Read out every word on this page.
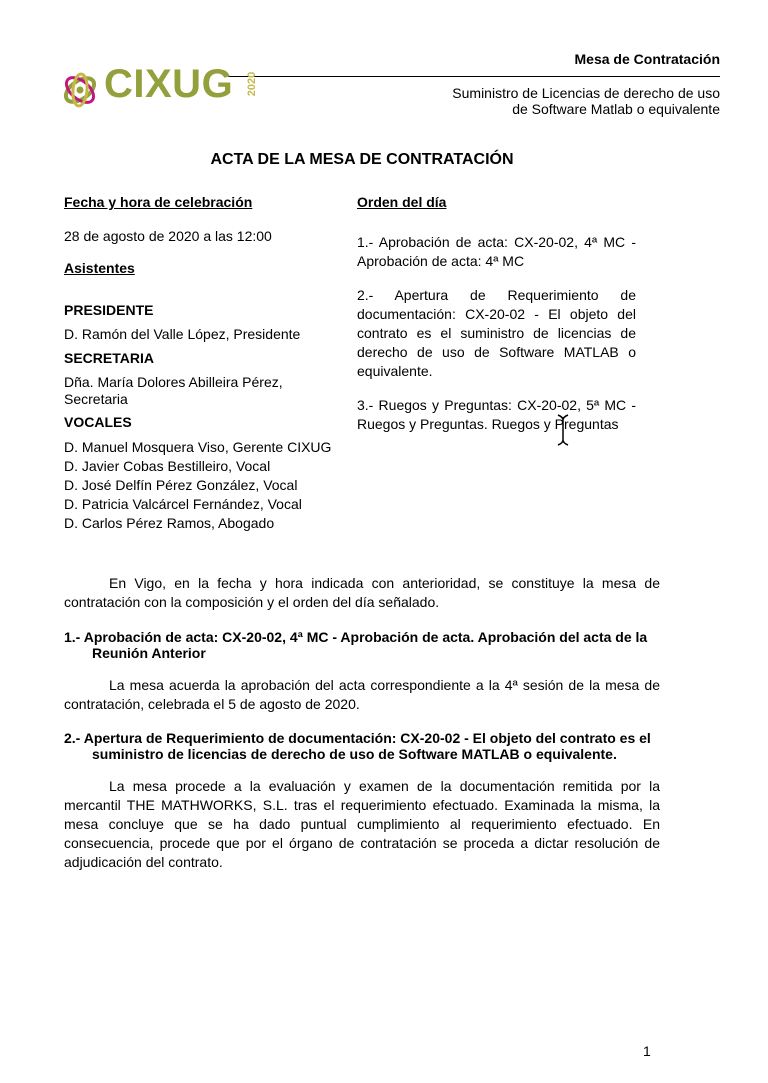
Mesa de Contratación
Suministro de Licencias de derecho de uso
de Software Matlab o equivalente
CIXUG 2020
ACTA DE LA MESA DE CONTRATACIÓN
Fecha y hora de celebración
28 de agosto de 2020 a las 12:00
Asistentes
PRESIDENTE
D. Ramón del Valle López, Presidente
SECRETARIA
Dña. María Dolores Abilleira Pérez,
Secretaria
VOCALES
D. Manuel Mosquera Viso, Gerente CIXUG
D. Javier Cobas Bestilleiro, Vocal
D. José Delfín Pérez González, Vocal
D. Patricia Valcárcel Fernández, Vocal
D. Carlos Pérez Ramos, Abogado
Orden del día
1.- Aprobación de acta: CX-20-02, 4ª MC - Aprobación de acta: 4ª MC
2.- Apertura de Requerimiento de documentación: CX-20-02 - El objeto del contrato es el suministro de licencias de derecho de uso de Software MATLAB o equivalente.
3.- Ruegos y Preguntas: CX-20-02, 5ª MC - Ruegos y Preguntas. Ruegos y Preguntas
En Vigo, en la fecha y hora indicada con anterioridad, se constituye la mesa de contratación con la composición y el orden del día señalado.
1.- Aprobación de acta: CX-20-02, 4ª MC - Aprobación de acta. Aprobación del acta de la Reunión Anterior
La mesa acuerda la aprobación del acta correspondiente a la 4ª sesión de la mesa de contratación, celebrada el 5 de agosto de 2020.
2.- Apertura de Requerimiento de documentación: CX-20-02 - El objeto del contrato es el suministro de licencias de derecho de uso de Software MATLAB o equivalente.
La mesa procede a la evaluación y examen de la documentación remitida por la mercantil THE MATHWORKS, S.L. tras el requerimiento efectuado. Examinada la misma, la mesa concluye que se ha dado puntual cumplimiento al requerimiento efectuado. En consecuencia, procede que por el órgano de contratación se proceda a dictar resolución de adjudicación del contrato.
1
